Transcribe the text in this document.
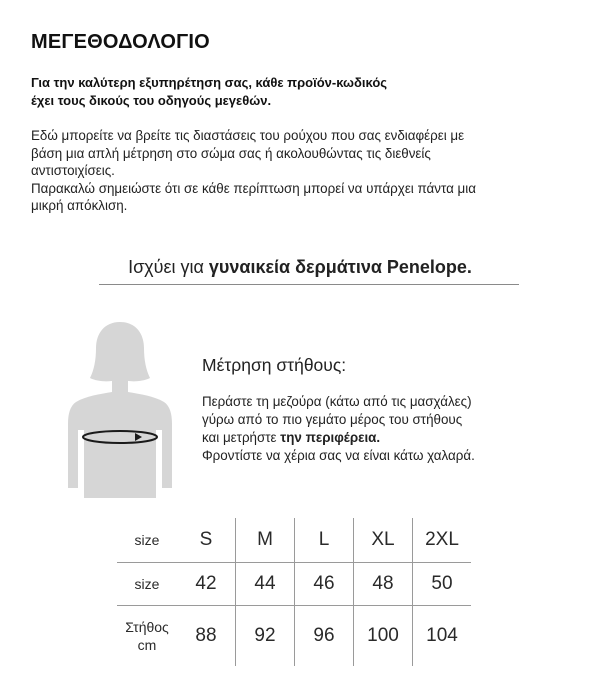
ΜΕΓΕΘΟΔΟΛΟΓΙΟ
Για την καλύτερη εξυπηρέτηση σας, κάθε προϊόν-κωδικός
έχει τους δικούς του οδηγούς μεγεθών.
Εδώ μπορείτε να βρείτε τις διαστάσεις του ρούχου που σας ενδιαφέρει με
βάση μια απλή μέτρηση στο σώμα σας ή ακολουθώντας τις διεθνείς
αντιστοιχίσεις.
Παρακαλώ σημειώστε ότι σε κάθε περίπτωση μπορεί να υπάρχει πάντα μια
μικρή απόκλιση.
Ισχύει για γυναικεία δερμάτινα Penelope.
Μέτρηση στήθους:
Περάστε τη μεζούρα (κάτω από τις μασχάλες)
γύρω από το πιο γεμάτο μέρος του στήθους
και μετρήστε την περιφέρεια.
Φροντίστε να χέρια σας να είναι κάτω χαλαρά.
size	S	M	L	XL	2XL
size	42	44	46	48	50

Στήθος
cm	88	92	96	100	104
